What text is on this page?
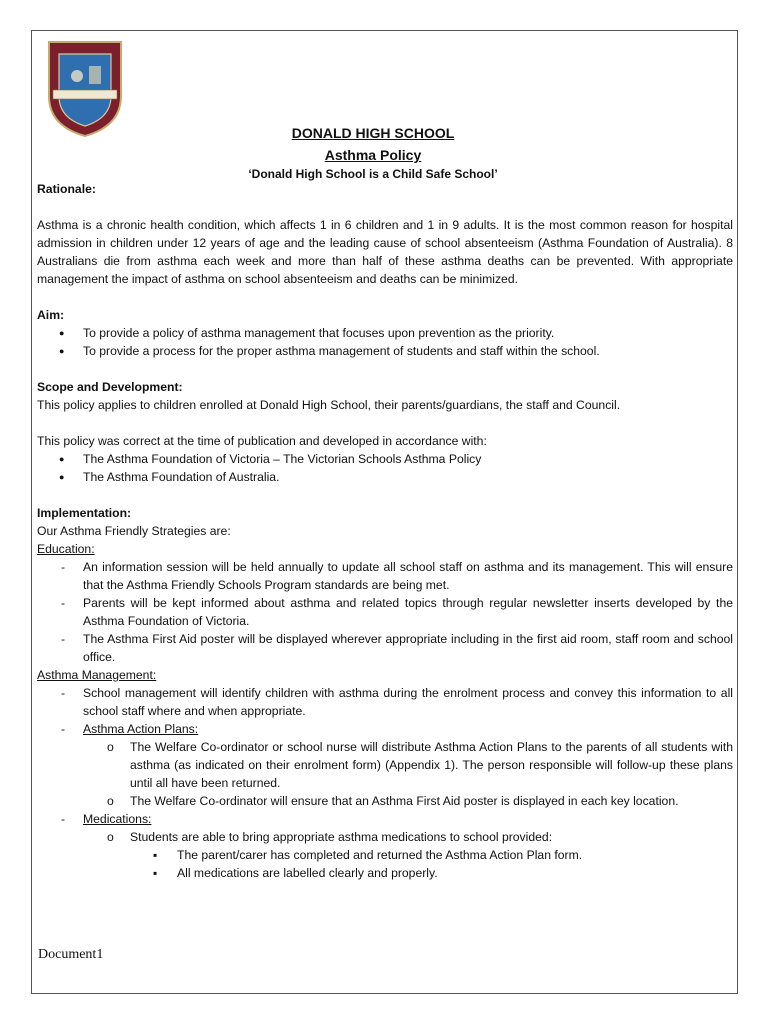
DONALD HIGH SCHOOL
Asthma Policy
‘Donald High School is a Child Safe School’

Rationale:

Asthma is a chronic health condition, which affects 1 in 6 children and 1 in 9 adults. It is the most common reason for hospital admission in children under 12 years of age and the leading cause of school absenteeism (Asthma Foundation of Australia). 8 Australians die from asthma each week and more than half of these asthma deaths can be prevented. With appropriate management the impact of asthma on school absenteeism and deaths can be minimized.

Aim:

● To provide a policy of asthma management that focuses upon prevention as the priority.
● To provide a process for the proper asthma management of students and staff within the school.

Scope and Development:

This policy applies to children enrolled at Donald High School, their parents/guardians, the staff and Council.

This policy was correct at the time of publication and developed in accordance with:

● The Asthma Foundation of Victoria – The Victorian Schools Asthma Policy
● The Asthma Foundation of Australia.

Implementation:

Our Asthma Friendly Strategies are:

Education:

- An information session will be held annually to update all school staff on asthma and its management. This will ensure that the Asthma Friendly Schools Program standards are being met.
- Parents will be kept informed about asthma and related topics through regular newsletter inserts developed by the Asthma Foundation of Victoria.
- The Asthma First Aid poster will be displayed wherever appropriate including in the first aid room, staff room and school office.

Asthma Management:

- School management will identify children with asthma during the enrolment process and convey this information to all school staff where and when appropriate.
- Asthma Action Plans:
o The Welfare Co-ordinator or school nurse will distribute Asthma Action Plans to the parents of all students with asthma (as indicated on their enrolment form) (Appendix 1). The person responsible will follow-up these plans until all have been returned.
o The Welfare Co-ordinator will ensure that an Asthma First Aid poster is displayed in each key location.
- Medications:
o Students are able to bring appropriate asthma medications to school provided:
▪ The parent/carer has completed and returned the Asthma Action Plan form.
▪ All medications are labelled clearly and properly.
Document1
